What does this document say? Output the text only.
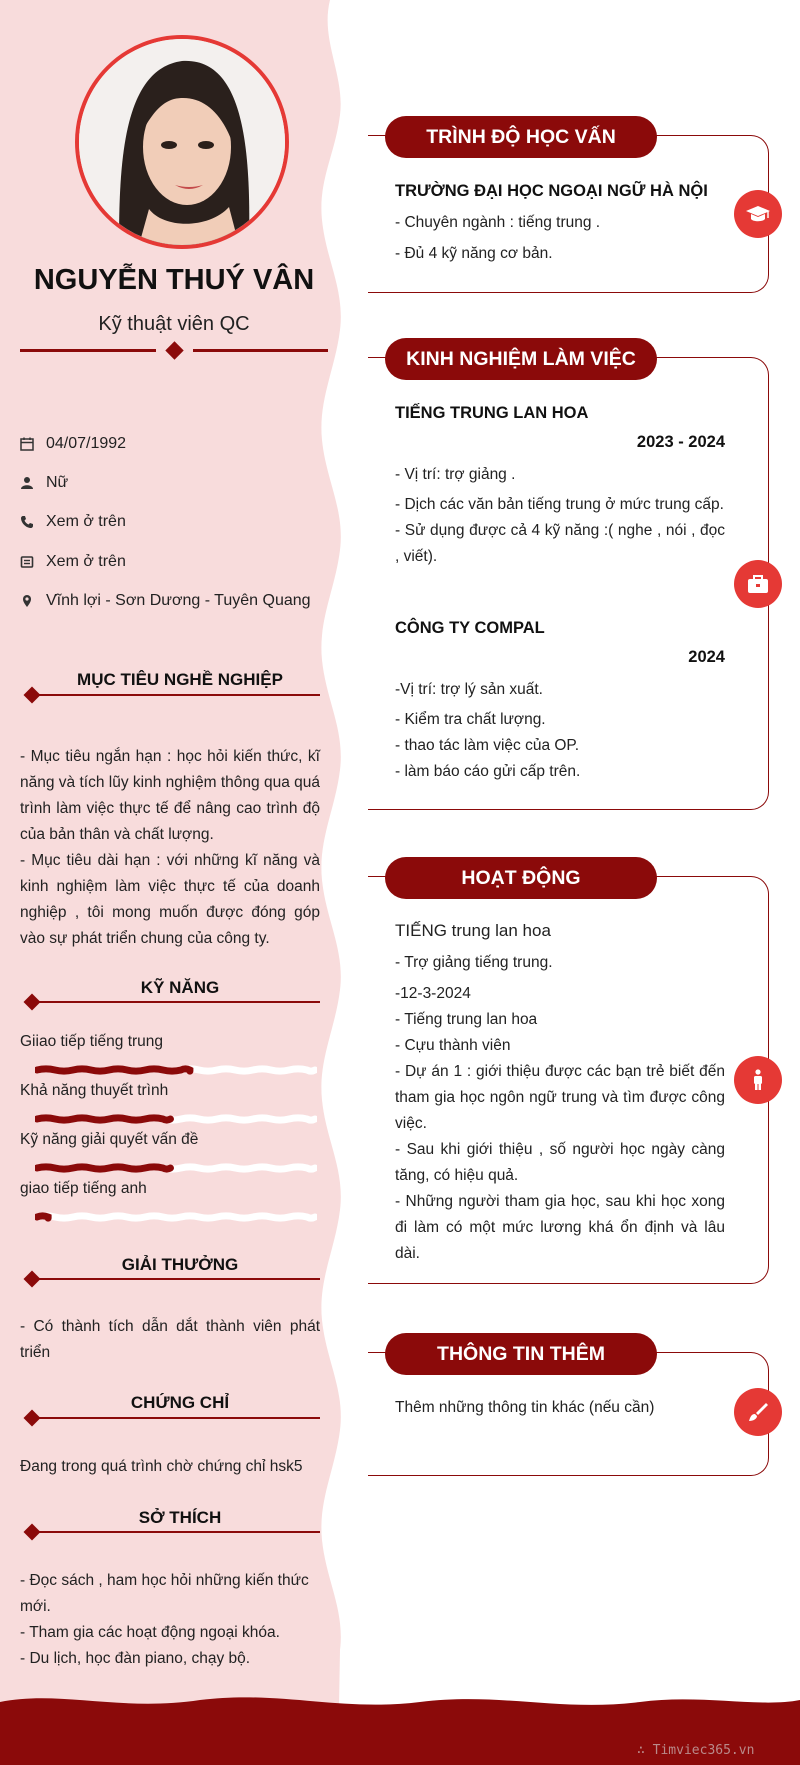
NGUYỄN THUÝ VÂN
Kỹ thuật viên QC
04/07/1992
Nữ
Xem ở trên
Xem ở trên
Vĩnh lợi - Sơn Dương - Tuyên Quang
MỤC TIÊU NGHỀ NGHIỆP
- Mục tiêu ngắn hạn : học hỏi kiến thức, kĩ năng và tích lũy kinh nghiệm thông qua quá trình làm việc thực tế để nâng cao trình độ của bản thân và chất lượng.
- Mục tiêu dài hạn : với những kĩ năng và kinh nghiệm làm việc thực tế của doanh nghiệp , tôi mong muốn được đóng góp vào sự phát triển chung của công ty.
KỸ NĂNG
Giiao tiếp tiếng trung
Khả năng thuyết trình
Kỹ năng giải quyết vấn đề
giao tiếp tiếng anh
GIẢI THƯỞNG
- Có thành tích dẫn dắt thành viên phát triển
CHỨNG CHỈ
Đang trong quá trình chờ chứng chỉ hsk5
SỞ THÍCH
- Đọc sách , ham học hỏi những kiến thức mới.
- Tham gia các hoạt động ngoại khóa.
- Du lịch, học đàn piano, chạy bộ.
TRÌNH ĐỘ HỌC VẤN
TRƯỜNG ĐẠI HỌC NGOẠI NGỮ HÀ NỘI
- Chuyên ngành : tiếng trung .
- Đủ 4 kỹ năng cơ bản.
KINH NGHIỆM LÀM VIỆC
TIẾNG TRUNG LAN HOA
2023 - 2024
- Vị trí: trợ giảng .
- Dịch các văn bản tiếng trung ở mức trung cấp.
- Sử dụng được cả 4 kỹ năng :( nghe , nói , đọc , viết).
CÔNG TY COMPAL
2024
-Vị trí: trợ lý sản xuất.
- Kiểm tra chất lượng.
- thao tác làm việc của OP.
- làm báo cáo gửi cấp trên.
HOẠT ĐỘNG
TIẾNG trung lan hoa
- Trợ giảng tiếng trung.
-12-3-2024
- Tiếng trung lan hoa
- Cựu thành viên
- Dự án 1 : giới thiệu được các bạn trẻ biết đến tham gia học ngôn ngữ trung và tìm được công việc.
- Sau khi giới thiệu , số người học ngày càng tăng, có hiệu quả.
- Những người tham gia học, sau khi học xong đi làm có một mức lương khá ổn định và lâu dài.
THÔNG TIN THÊM
Thêm những thông tin khác (nếu cần)
∴ Timviec365.vn
